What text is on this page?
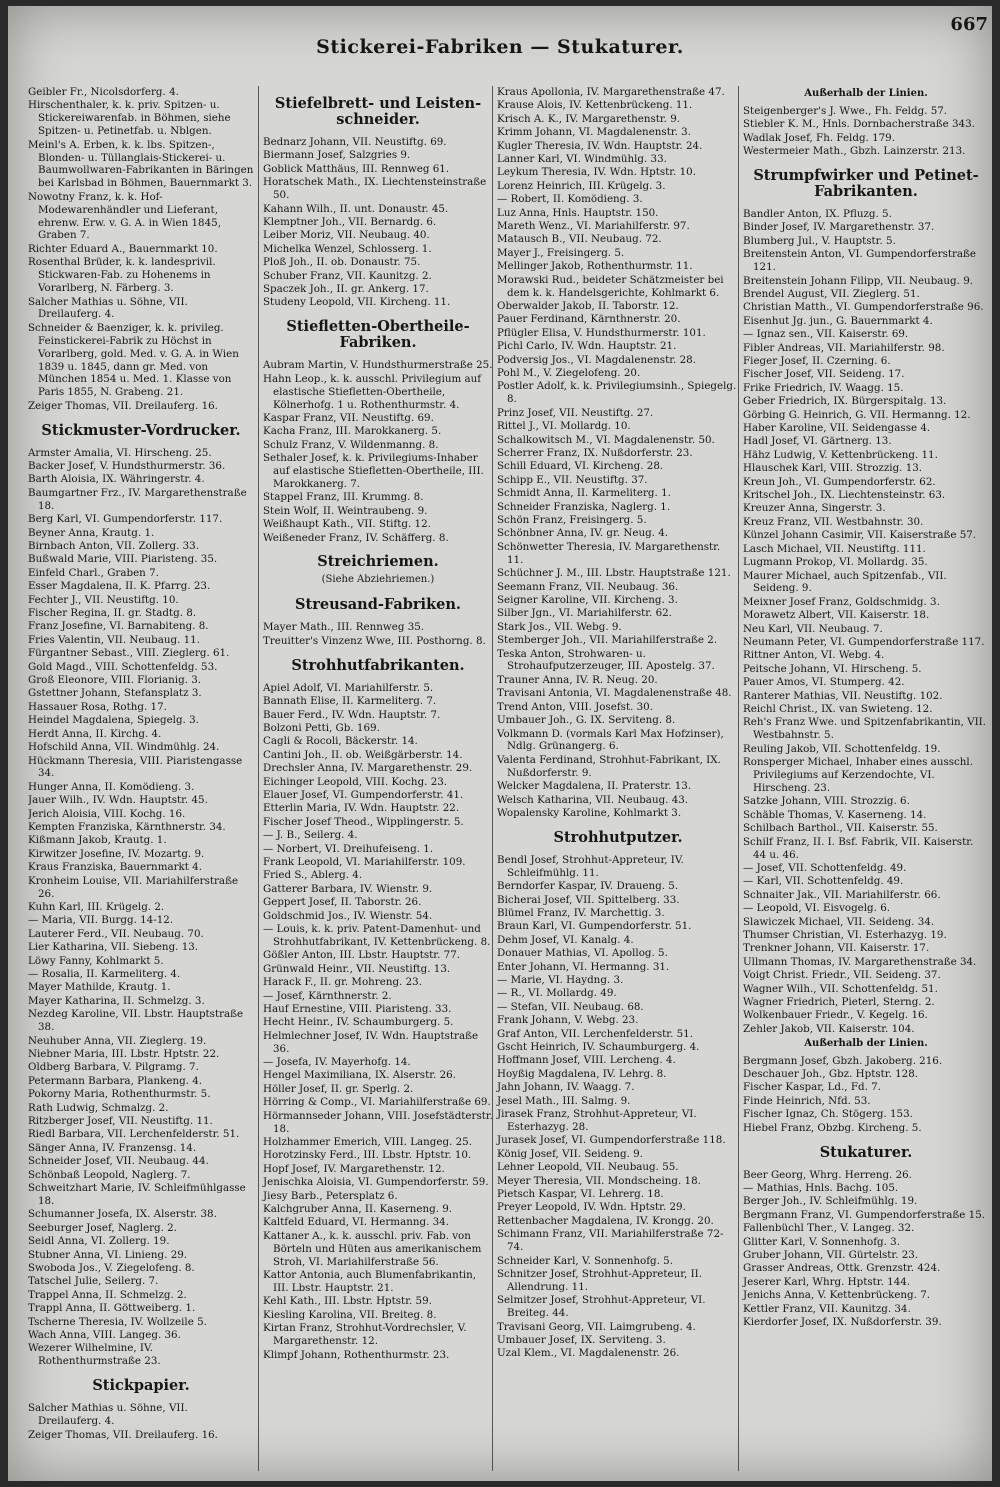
Stickerei-Fabriken — Stukaturer.
667
Geibler Fr., Nicolsdorferg. 4.
Hirschenthaler, k. k. priv. Spitzen- u. Stickereiwarenfab. in Böhmen, siehe Spitzen- u. Petinetfab. u. Nblgen.
Meinl's A. Erben, k. k. lbs. Spitzen-, Blonden- u. Tüllanglais-Stickerei- u. Baumwollwaren-Fabrikanten in Bäringen bei Karlsbad in Böhmen, Bauernmarkt 3.
Nowotny Franz, k. k. Hof-Modewarenhändler und Lieferant, ehrenw. Erw. v. G. A. in Wien 1845, Graben 7.
Richter Eduard A., Bauernmarkt 10.
Rosenthal Brüder, k. k. landesprivil. Stickwaren-Fab. zu Hohenems in Vorarlberg, N. Färberg. 3.
Salcher Mathias u. Söhne, VII. Dreilauferg. 4.
Schneider & Baenziger, k. k. privileg. Feinstickerei-Fabrik zu Höchst in Vorarlberg, gold. Med. v. G. A. in Wien 1839 u. 1845, dann gr. Med. von München 1854 u. Med. 1. Klasse von Paris 1855, N. Grabeng. 21.
Zeiger Thomas, VII. Dreilauferg. 16.
Stickmuster-Vordrucker.
Armster Amalia, VI. Hirscheng. 25.
Backer Josef, V. Hundsthurmerstr. 36.
Barth Aloisia, IX. Währingerstr. 4.
Baumgartner Frz., IV. Margarethenstraße 18.
Berg Karl, VI. Gumpendorferstr. 117.
Beyner Anna, Krautg. 1.
Birnbach Anton, VII. Zollerg. 33.
Bußwald Marie, VIII. Piaristeng. 35.
Einfeld Charl., Graben 7.
Esser Magdalena, II. K. Pfarrg. 23.
Fechter J., VII. Neustiftg. 10.
Fischer Regina, II. gr. Stadtg. 8.
Franz Josefine, VI. Barnabiteng. 8.
Fries Valentin, VII. Neubaug. 11.
Fürgantner Sebast., VIII. Zieglerg. 61.
Gold Magd., VIII. Schottenfeldg. 53.
Groß Eleonore, VIII. Florianig. 3.
Gstettner Johann, Stefansplatz 3.
Hassauer Rosa, Rothg. 17.
Heindel Magdalena, Spiegelg. 3.
Herdt Anna, II. Kirchg. 4.
Hofschild Anna, VII. Windmühlg. 24.
Hückmann Theresia, VIII. Piaristengasse 34.
Hunger Anna, II. Komödieng. 3.
Jauer Wilh., IV. Wdn. Hauptstr. 45.
Jerich Aloisia, VIII. Kochg. 16.
Kempten Franziska, Kärnthnerstr. 34.
Kißmann Jakob, Krautg. 1.
Kirwitzer Josefine, IV. Mozartg. 9.
Kraus Franziska, Bauernmarkt 4.
Kronheim Louise, VII. Mariahilferstraße 26.
Kuhn Karl, III. Krügelg. 2.
— Maria, VII. Burgg. 14-12.
Lauterer Ferd., VII. Neubaug. 70.
Lier Katharina, VII. Siebeng. 13.
Löwy Fanny, Kohlmarkt 5.
— Rosalia, II. Karmeliterg. 4.
Mayer Mathilde, Krautg. 1.
Mayer Katharina, II. Schmelzg. 3.
Nezdeg Karoline, VII. Lbstr. Hauptstraße 38.
Neuhuber Anna, VII. Zieglerg. 19.
Niebner Maria, III. Lbstr. Hptstr. 22.
Oldberg Barbara, V. Pilgramg. 7.
Petermann Barbara, Plankeng. 4.
Pokorny Maria, Rothenthurmstr. 5.
Rath Ludwig, Schmalzg. 2.
Ritzberger Josef, VII. Neustiftg. 11.
Riedl Barbara, VII. Lerchenfelderstr. 51.
Sänger Anna, IV. Franzensg. 14.
Schneider Josef, VII. Neubaug. 44.
Schönbaß Leopold, Naglerg. 7.
Schweitzhart Marie, IV. Schleifmühlgasse 18.
Schumanner Josefa, IX. Alserstr. 38.
Seeburger Josef, Naglerg. 2.
Seidl Anna, VI. Zollerg. 19.
Stubner Anna, VI. Linieng. 29.
Swoboda Jos., V. Ziegelofeng. 8.
Tatschel Julie, Seilerg. 7.
Trappel Anna, II. Schmelzg. 2.
Trappl Anna, II. Göttweiberg. 1.
Tscherne Theresia, IV. Wollzeile 5.
Wach Anna, VIII. Langeg. 36.
Wezerer Wilhelmine, IV. Rothenthurmstraße 23.
Stickpapier.
Salcher Mathias u. Söhne, VII. Dreilauferg. 4.
Zeiger Thomas, VII. Dreilauferg. 16.
Stiefelbrett- und Leisten-schneider.
Bednarz Johann, VII. Neustiftg. 69.
Biermann Josef, Salzgries 9.
Goblick Matthäus, III. Rennweg 61.
Horatschek Math., IX. Liechtensteinstraße 50.
Kahann Wilh., II. unt. Donaustr. 45.
Klemptner Joh., VII. Bernardg. 6.
Leiber Moriz, VII. Neubaug. 40.
Michelka Wenzel, Schlosserg. 1.
Ploß Joh., II. ob. Donaustr. 75.
Schuber Franz, VII. Kaunitzg. 2.
Spaczek Joh., II. gr. Ankerg. 17.
Studeny Leopold, VII. Kircheng. 11.
Stiefletten-Obertheile-Fabriken.
Aubram Martin, V. Hundsthurmerstraße 25.
Hahn Leop., k. k. ausschl. Privilegium auf elastische Stiefletten-Obertheile, Kölnerhofg. 1 u. Rothenthurmstr. 4.
Kaspar Franz, VII. Neustiftg. 69.
Kacha Franz, III. Marokkanerg. 5.
Schulz Franz, V. Wildenmanng. 8.
Sethaler Josef, k. k. Privilegiums-Inhaber auf elastische Stiefletten-Obertheile, III. Marokkanerg. 7.
Stappel Franz, III. Krummg. 8.
Stein Wolf, II. Weintraubeng. 9.
Weißhaupt Kath., VII. Stiftg. 12.
Weißeneder Franz, IV. Schäfferg. 8.
Streichriemen.
(Siehe Abziehriemen.)
Streusand-Fabriken.
Mayer Math., III. Rennweg 35.
Treuitter's Vinzenz Wwe, III. Posthorng. 8.
Strohhutfabrikanten.
Apiel Adolf, VI. Mariahilferstr. 5.
Bannath Elise, II. Karmeliterg. 7.
Bauer Ferd., IV. Wdn. Hauptstr. 7.
Bolzoni Petti, Gb. 169.
Cagli & Rocoli, Bäckerstr. 14.
Cantini Joh., II. ob. Weißgärberstr. 14.
Drechsler Anna, IV. Margarethenstr. 29.
Eichinger Leopold, VIII. Kochg. 23.
Elauer Josef, VI. Gumpendorferstr. 41.
Etterlin Maria, IV. Wdn. Hauptstr. 22.
Fischer Josef Theod., Wipplingerstr. 5.
— J. B., Seilerg. 4.
— Norbert, VI. Dreihufeiseng. 1.
Frank Leopold, VI. Mariahilferstr. 109.
Fried S., Ablerg. 4.
Gatterer Barbara, IV. Wienstr. 9.
Geppert Josef, II. Taborstr. 26.
Goldschmid Jos., IV. Wienstr. 54.
— Louis, k. k. priv. Patent-Damenhut- und Strohhutfabrikant, IV. Kettenbrückeng. 8.
Gößler Anton, III. Lbstr. Hauptstr. 77.
Grünwald Heinr., VII. Neustiftg. 13.
Harack F., II. gr. Mohreng. 23.
— Josef, Kärnthnerstr. 2.
Hauf Ernestine, VIII. Piaristeng. 33.
Hecht Heinr., IV. Schaumburgerg. 5.
Helmlechner Josef, IV. Wdn. Hauptstraße 36.
— Josefa, IV. Mayerhofg. 14.
Hengel Maximiliana, IX. Alserstr. 26.
Höller Josef, II. gr. Sperlg. 2.
Hörring & Comp., VI. Mariahilferstraße 69.
Hörmannseder Johann, VIII. Josefstädterstr. 18.
Holzhammer Emerich, VIII. Langeg. 25.
Horotzinsky Ferd., III. Lbstr. Hptstr. 10.
Hopf Josef, IV. Margarethenstr. 12.
Jenischka Aloisia, VI. Gumpendorferstr. 59.
Jiesy Barb., Petersplatz 6.
Kalchgruber Anna, II. Kaserneng. 9.
Kaltfeld Eduard, VI. Hermanng. 34.
Kattaner A., k. k. ausschl. priv. Fab. von Börteln und Hüten aus amerikanischem Stroh, VI. Mariahilferstraße 56.
Kattor Antonia, auch Blumenfabrikantin, III. Lbstr. Hauptstr. 21.
Kehl Kath., III. Lbstr. Hptstr. 59.
Kiesling Karolina, VII. Breiteg. 8.
Kirtan Franz, Strohhut-Vordrechsler, V. Margarethenstr. 12.
Klimpf Johann, Rothenthurmstr. 23.
Kraus Apollonia, IV. Margarethenstraße 47.
Krause Alois, IV. Kettenbrückeng. 11.
Krisch A. K., IV. Margarethenstr. 9.
Krimm Johann, VI. Magdalenenstr. 3.
Kugler Theresia, IV. Wdn. Hauptstr. 24.
Lanner Karl, VI. Windmühlg. 33.
Leykum Theresia, IV. Wdn. Hptstr. 10.
Lorenz Heinrich, III. Krügelg. 3.
— Robert, II. Komödieng. 3.
Luz Anna, Hnls. Hauptstr. 150.
Mareth Wenz., VI. Mariahilferstr. 97.
Matausch B., VII. Neubaug. 72.
Mayer J., Freisingerg. 5.
Mellinger Jakob, Rothenthurmstr. 11.
Morawski Rud., beideter Schätzmeister bei dem k. k. Handelsgerichte, Kohlmarkt 6.
Oberwalder Jakob, II. Taborstr. 12.
Pauer Ferdinand, Kärnthnerstr. 20.
Pflügler Elisa, V. Hundsthurmerstr. 101.
Pichl Carlo, IV. Wdn. Hauptstr. 21.
Podversig Jos., VI. Magdalenenstr. 28.
Pohl M., V. Ziegelofeng. 20.
Postler Adolf, k. k. Privilegiumsinh., Spiegelg. 8.
Prinz Josef, VII. Neustiftg. 27.
Rittel J., VI. Mollardg. 10.
Schalkowitsch M., VI. Magdalenenstr. 50.
Scherrer Franz, IX. Nußdorferstr. 23.
Schill Eduard, VI. Kircheng. 28.
Schipp E., VII. Neustiftg. 37.
Schmidt Anna, II. Karmeliterg. 1.
Schneider Franziska, Naglerg. 1.
Schön Franz, Freisingerg. 5.
Schönbner Anna, IV. gr. Neug. 4.
Schönwetter Theresia, IV. Margarethenstr. 11.
Schüchner J. M., III. Lbstr. Hauptstraße 121.
Seemann Franz, VII. Neubaug. 36.
Seigner Karoline, VII. Kircheng. 3.
Silber Jgn., VI. Mariahilferstr. 62.
Stark Jos., VII. Webg. 9.
Stemberger Joh., VII. Mariahilferstraße 2.
Teska Anton, Strohwaren- u. Strohaufputzerzeuger, III. Apostelg. 37.
Trauner Anna, IV. R. Neug. 20.
Travisani Antonia, VI. Magdalenenstraße 48.
Trend Anton, VIII. Josefst. 30.
Umbauer Joh., G. IX. Serviteng. 8.
Volkmann D. (vormals Karl Max Hofzinser), Ndlg. Grünangerg. 6.
Valenta Ferdinand, Strohhut-Fabrikant, IX. Nußdorferstr. 9.
Welcker Magdalena, II. Praterstr. 13.
Welsch Katharina, VII. Neubaug. 43.
Wopalensky Karoline, Kohlmarkt 3.
Strohhutputzer.
Bendl Josef, Strohhut-Appreteur, IV. Schleifmühlg. 11.
Berndorfer Kaspar, IV. Draueng. 5.
Bicherai Josef, VII. Spittelberg. 33.
Blümel Franz, IV. Marchettig. 3.
Braun Karl, VI. Gumpendorferstr. 51.
Dehm Josef, VI. Kanalg. 4.
Donauer Mathias, VI. Apollog. 5.
Enter Johann, VI. Hermanng. 31.
— Marie, VI. Haydng. 3.
— R., VI. Mollardg. 49.
— Stefan, VII. Neubaug. 68.
Frank Johann, V. Webg. 23.
Graf Anton, VII. Lerchenfelderstr. 51.
Gscht Heinrich, IV. Schaumburgerg. 4.
Hoffmann Josef, VIII. Lercheng. 4.
Hoyßig Magdalena, IV. Lehrg. 8.
Jahn Johann, IV. Waagg. 7.
Jesel Math., III. Salmg. 9.
Jirasek Franz, Strohhut-Appreteur, VI. Esterhazyg. 28.
Jurasek Josef, VI. Gumpendorferstraße 118.
König Josef, VII. Seideng. 9.
Lehner Leopold, VII. Neubaug. 55.
Meyer Theresia, VII. Mondscheing. 18.
Pietsch Kaspar, VI. Lehrerg. 18.
Preyer Leopold, IV. Wdn. Hptstr. 29.
Rettenbacher Magdalena, IV. Krongg. 20.
Schimann Franz, VII. Mariahilferstraße 72-74.
Schneider Karl, V. Sonnenhofg. 5.
Schnitzer Josef, Strohhut-Appreteur, II. Allendrung. 11.
Selmitzer Josef, Strohhut-Appreteur, VI. Breiteg. 44.
Travisani Georg, VII. Laimgrubeng. 4.
Umbauer Josef, IX. Serviteng. 3.
Uzal Klem., VI. Magdalenenstr. 26.
Außerhalb der Linien.
Steigenberger's J. Wwe., Fh. Feldg. 57.
Stiebler K. M., Hnls. Dornbacherstraße 343.
Wadlak Josef, Fh. Feldg. 179.
Westermeier Math., Gbzh. Lainzerstr. 213.
Strumpfwirker und Petinet-Fabrikanten.
Bandler Anton, IX. Pfluzg. 5.
Binder Josef, IV. Margarethenstr. 37.
Blumberg Jul., V. Hauptstr. 5.
Breitenstein Anton, VI. Gumpendorferstraße 121.
Breitenstein Johann Filipp, VII. Neubaug. 9.
Brendel August, VII. Zieglerg. 51.
Christian Matth., VI. Gumpendorferstraße 96.
Eisenhut Jg. jun., G. Bauernmarkt 4.
— Ignaz sen., VII. Kaiserstr. 69.
Fibler Andreas, VII. Mariahilferstr. 98.
Fieger Josef, II. Czerning. 6.
Fischer Josef, VII. Seideng. 17.
Frike Friedrich, IV. Waagg. 15.
Geber Friedrich, IX. Bürgerspitalg. 13.
Görbing G. Heinrich, G. VII. Hermanng. 12.
Haber Karoline, VII. Seidengasse 4.
Hadl Josef, VI. Gärtnerg. 13.
Hähz Ludwig, V. Kettenbrückeng. 11.
Hlauschek Karl, VIII. Strozzig. 13.
Kreun Joh., VI. Gumpendorferstr. 62.
Kritschel Joh., IX. Liechtensteinstr. 63.
Kreuzer Anna, Singerstr. 3.
Kreuz Franz, VII. Westbahnstr. 30.
Künzel Johann Casimir, VII. Kaiserstraße 57.
Lasch Michael, VII. Neustiftg. 111.
Lugmann Prokop, VI. Mollardg. 35.
Maurer Michael, auch Spitzenfab., VII. Seideng. 9.
Meixner Josef Franz, Goldschmidg. 3.
Morawetz Albert, VII. Kaiserstr. 18.
Neu Karl, VII. Neubaug. 7.
Neumann Peter, VI. Gumpendorferstraße 117.
Rittner Anton, VI. Webg. 4.
Peitsche Johann, VI. Hirscheng. 5.
Pauer Amos, VI. Stumperg. 42.
Ranterer Mathias, VII. Neustiftg. 102.
Reichl Christ., IX. van Swieteng. 12.
Reh's Franz Wwe. und Spitzenfabrikantin, VII. Westbahnstr. 5.
Reuling Jakob, VII. Schottenfeldg. 19.
Ronsperger Michael, Inhaber eines ausschl. Privilegiums auf Kerzendochte, VI. Hirscheng. 23.
Satzke Johann, VIII. Strozzig. 6.
Schäble Thomas, V. Kaserneng. 14.
Schilbach Barthol., VII. Kaiserstr. 55.
Schilf Franz, II. I. Bsf. Fabrik, VII. Kaiserstr. 44 u. 46.
— Josef, VII. Schottenfeldg. 49.
— Karl, VII. Schottenfeldg. 49.
Schnaiter Jak., VII. Mariahilferstr. 66.
— Leopold, VI. Eisvogelg. 6.
Slawiczek Michael, VII. Seideng. 34.
Thumser Christian, VI. Esterhazyg. 19.
Trenkner Johann, VII. Kaiserstr. 17.
Ullmann Thomas, IV. Margarethenstraße 34.
Voigt Christ. Friedr., VII. Seideng. 37.
Wagner Wilh., VII. Schottenfeldg. 51.
Wagner Friedrich, Pieterl, Sterng. 2.
Wolkenbauer Friedr., V. Kegelg. 16.
Zehler Jakob, VII. Kaiserstr. 104.
Außerhalb der Linien.
Bergmann Josef, Gbzh. Jakoberg. 216.
Deschauer Joh., Gbz. Hptstr. 128.
Fischer Kaspar, Ld., Fd. 7.
Finde Heinrich, Nfd. 53.
Fischer Ignaz, Ch. Stögerg. 153.
Hiebel Franz, Obzbg. Kircheng. 5.
Stukaturer.
Beer Georg, Whrg. Herreng. 26.
— Mathias, Hnls. Bachg. 105.
Berger Joh., IV. Schleifmühlg. 19.
Bergmann Franz, VI. Gumpendorferstraße 15.
Fallenbüchl Ther., V. Langeg. 32.
Glitter Karl, V. Sonnenhofg. 3.
Gruber Johann, VII. Gürtelstr. 23.
Grasser Andreas, Ottk. Grenzstr. 424.
Jeserer Karl, Whrg. Hptstr. 144.
Jenichs Anna, V. Kettenbrückeng. 7.
Kettler Franz, VII. Kaunitzg. 34.
Kierdorfer Josef, IX. Nußdorferstr. 39.
